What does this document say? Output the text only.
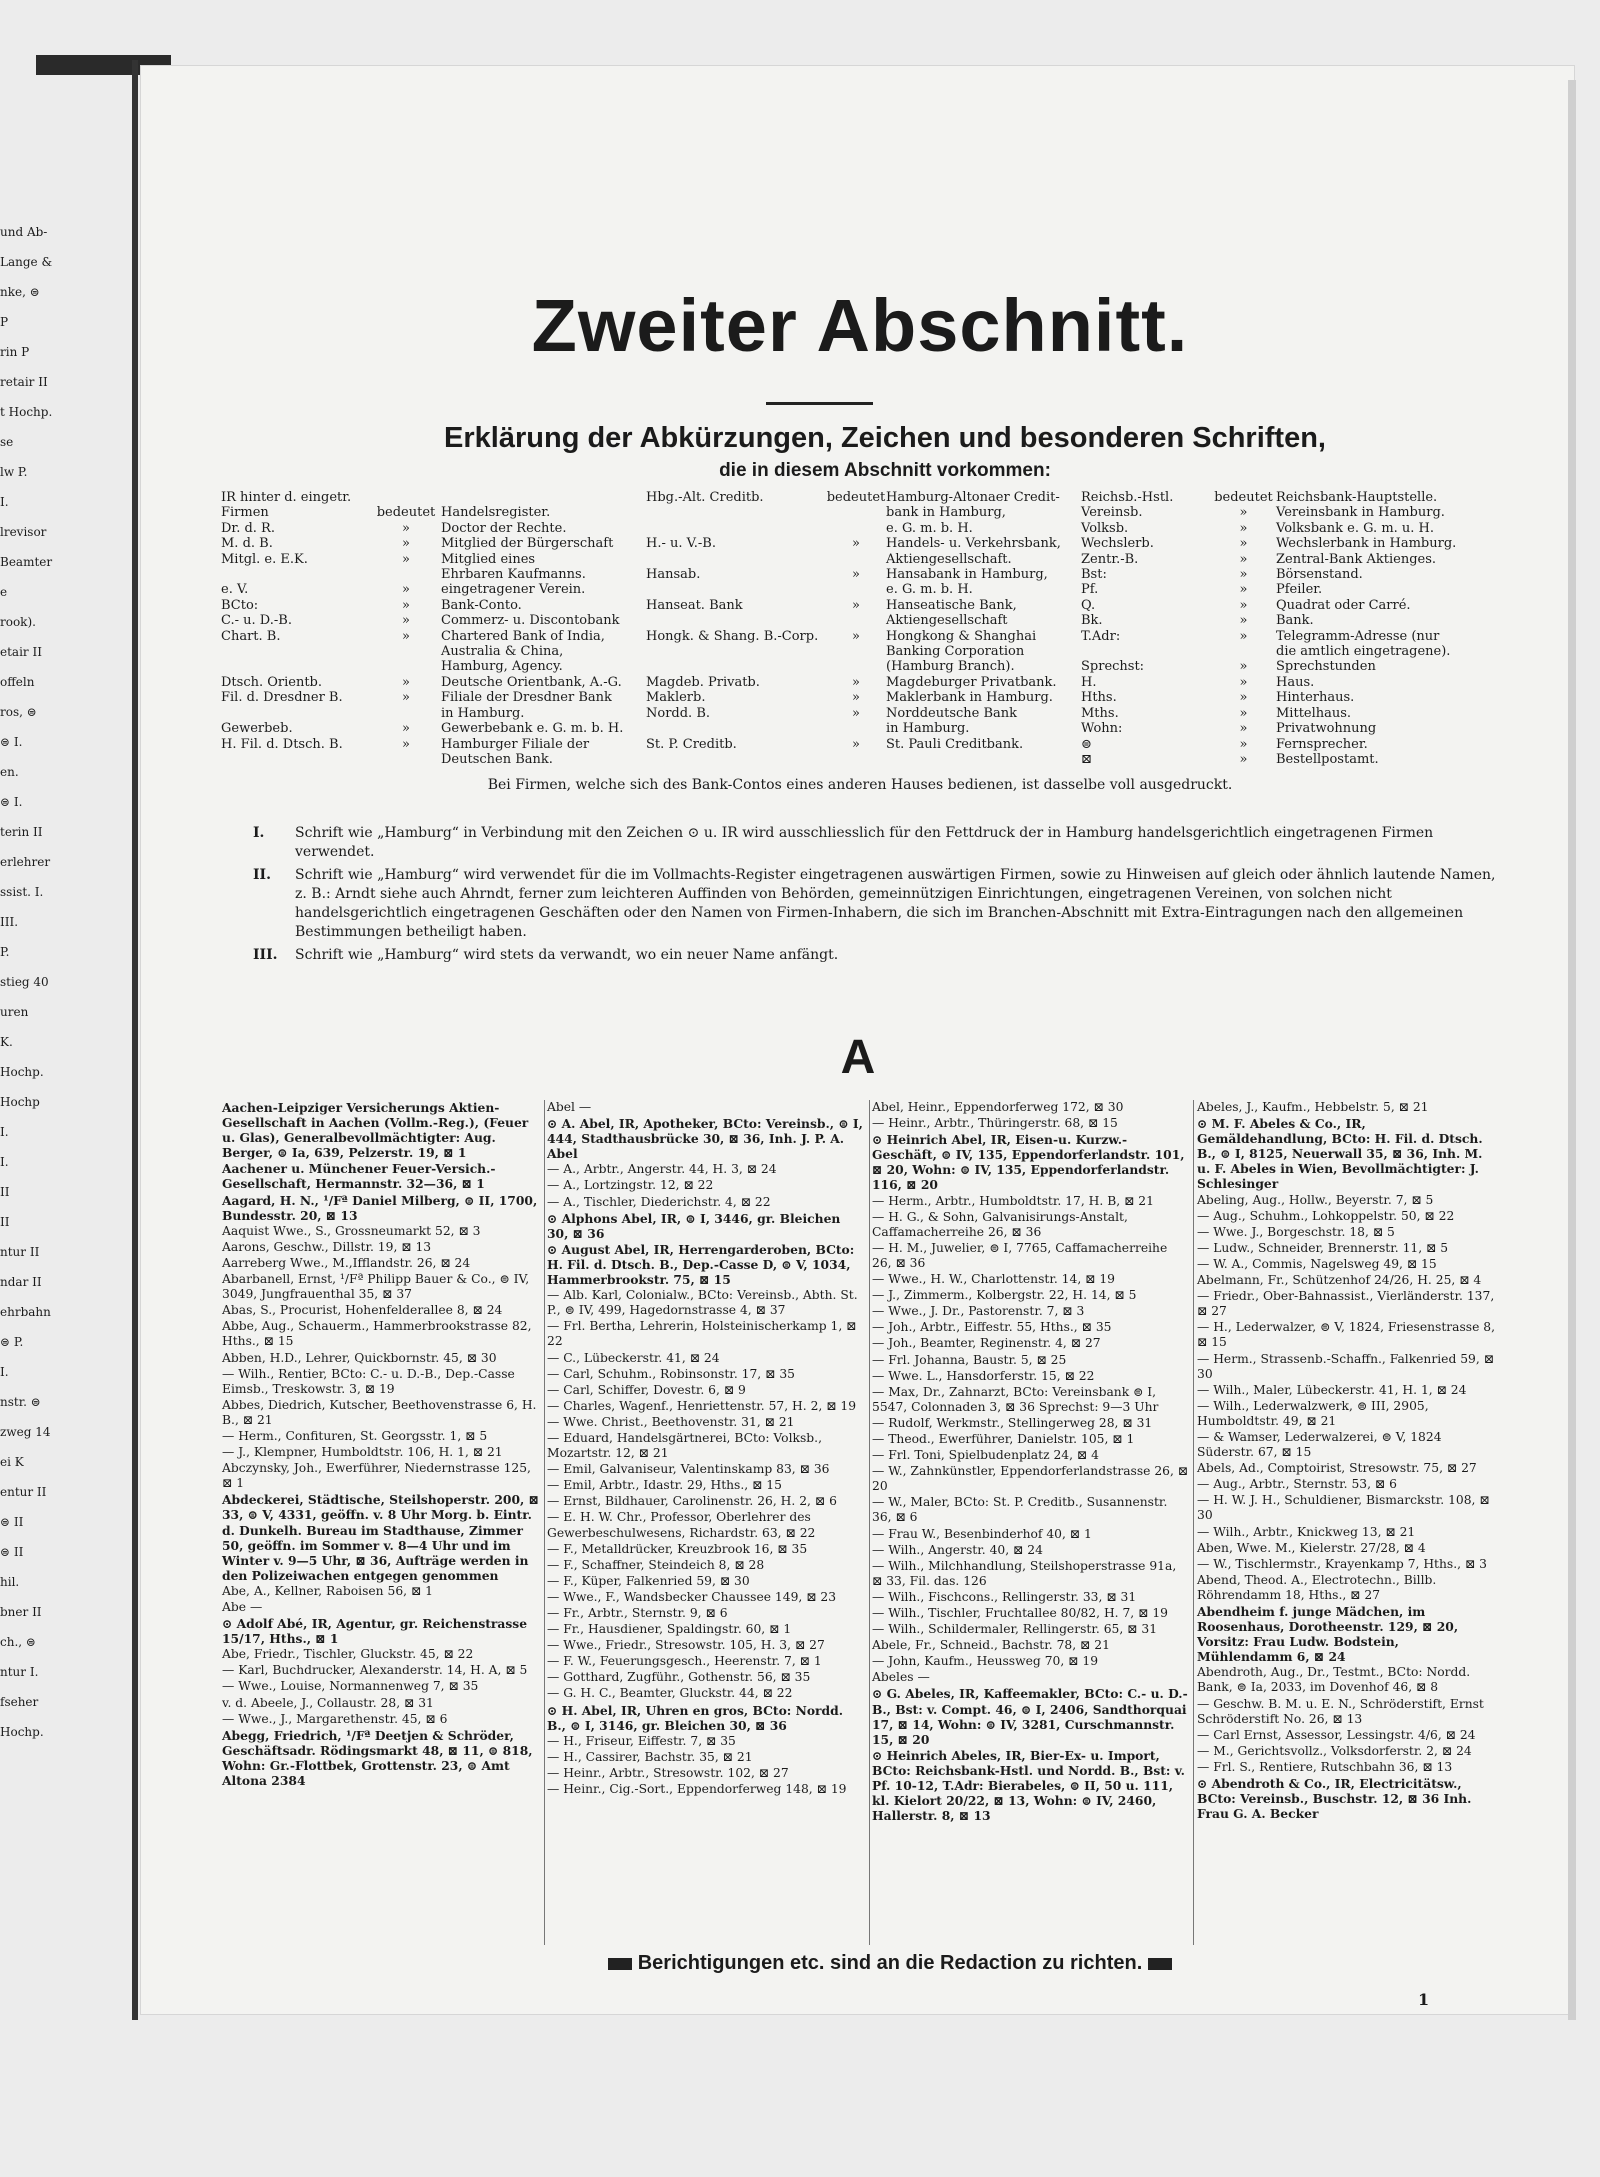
und Ab-
Lange &
nke, ⊜
P
rin P
retair II
t Hochp.
se
lw P.
I.
lrevisor
Beamter
e
rook).
etair II
offeln
ros, ⊜
⊜ I.
en.
⊜ I.
terin II
erlehrer
ssist. I.
III.
P.
stieg 40
uren
K.
Hochp.
Hochp
I.
I.
II
II
ntur II
ndar II
ehrbahn
⊜ P.
I.
nstr. ⊜
zweg 14
ei K
entur II
⊜ II
⊜ II
hil.
bner II
ch., ⊜
ntur I.
fseher
Hochp.
Zweiter Abschnitt.
Erklärung der Abkürzungen, Zeichen und besonderen Schriften,
die in diesem Abschnitt vorkommen:
IR hinter d. eingetr.
Firmen	bedeutet Handelsregister.
Dr. d. R.	»	Doctor der Rechte.
M. d. B.	»	Mitglied der Bürgerschaft
Mitgl. e. E.K.	»	Mitglied eines
Ehrbaren Kaufmanns.
e. V.	»	eingetragener Verein.
BCto:	»	Bank-Conto.
C.- u. D.-B.	»	Commerz- u. Discontobank
Chart. B.	»	Chartered Bank of India,
Australia & China,
Hamburg, Agency.
Dtsch. Orientb.	»	Deutsche Orientbank, A.-G.
Fil. d. Dresdner B.	»	Filiale der Dresdner Bank
in Hamburg.
Gewerbeb.	»	Gewerbebank e. G. m. b. H.
H. Fil. d. Dtsch. B.	»	Hamburger Filiale der
Deutschen Bank.
Hbg.-Alt. Creditb.	bedeutet Hamburg-Altonaer Credit-
bank in Hamburg,
e. G. m. b. H.
H.- u. V.-B.	»	Handels- u. Verkehrsbank,
Aktiengesellschaft.
Hansab.	»	Hansabank in Hamburg,
e. G. m. b. H.
Hanseat. Bank	»	Hanseatische Bank,
Aktiengesellschaft
Hongk. & Shang. B.-Corp.	»	Hongkong & Shanghai
Banking Corporation
(Hamburg Branch).
Magdeb. Privatb.	»	Magdeburger Privatbank.
Maklerb.	»	Maklerbank in Hamburg.
Nordd. B.	»	Norddeutsche Bank
in Hamburg.
St. P. Creditb.	»	St. Pauli Creditbank.
Reichsb.-Hstl.	bedeutet Reichsbank-Hauptstelle.
Vereinsb.	»	Vereinsbank in Hamburg.
Volksb.	»	Volksbank e. G. m. u. H.
Wechslerb.	»	Wechslerbank in Hamburg.
Zentr.-B.	»	Zentral-Bank Aktienges.
Bst:	»	Börsenstand.
Pf.	»	Pfeiler.
Q.	»	Quadrat oder Carré.
Bk.	»	Bank.
T.Adr:	»	Telegramm-Adresse (nur
die amtlich eingetragene).
Sprechst:	»	Sprechstunden
H.	»	Haus.
Hths.	»	Hinterhaus.
Mths.	»	Mittelhaus.
Wohn:	»	Privatwohnung
⊜	»	Fernsprecher.
⊠	»	Bestellpostamt.
Bei Firmen, welche sich des Bank-Contos eines anderen Hauses bedienen, ist dasselbe voll ausgedruckt.
I.	Schrift wie „Hamburg“ in Verbindung mit den Zeichen ⊙ u. IR wird ausschliesslich für den Fettdruck der in Hamburg handelsgerichtlich eingetragenen Firmen verwendet.
II.	Schrift wie „Hamburg“ wird verwendet für die im Vollmachts-Register eingetragenen auswärtigen Firmen, sowie zu Hinweisen auf gleich oder ähnlich lautende Namen, z. B.: Arndt siehe auch Ahrndt, ferner zum leichteren Auffinden von Behörden, gemeinnützigen Einrichtungen, eingetragenen Vereinen, von solchen nicht handelsgerichtlich eingetragenen Geschäften oder den Namen von Firmen-Inhabern, die sich im Branchen-Abschnitt mit Extra-Eintragungen nach den allgemeinen Bestimmungen betheiligt haben.
III.	Schrift wie „Hamburg“ wird stets da verwandt, wo ein neuer Name anfängt.
A
Aachen-Leipziger Versicherungs Aktien-Gesellschaft in Aachen (Vollm.-Reg.), (Feuer u. Glas), Generalbevollmächtigter: Aug. Berger, ⊜ Ia, 639, Pelzerstr. 19, ⊠ 1
Aachener u. Münchener Feuer-Versich.-Gesellschaft, Hermannstr. 32—36, ⊠ 1
Aagard, H. N., ¹/Fª Daniel Milberg, ⊜ II, 1700, Bundesstr. 20, ⊠ 13
Aaquist Wwe., S., Grossneumarkt 52, ⊠ 3
Aarons, Geschw., Dillstr. 19, ⊠ 13
Aarreberg Wwe., M.,Ifflandstr. 26, ⊠ 24
Abarbanell, Ernst, ¹/Fª Philipp Bauer & Co., ⊜ IV, 3049, Jungfrauenthal 35, ⊠ 37
Abas, S., Procurist, Hohenfelderallee 8, ⊠ 24
Abbe, Aug., Schauerm., Hammerbrookstrasse 82, Hths., ⊠ 15
Abben, H.D., Lehrer, Quickbornstr. 45, ⊠ 30
— Wilh., Rentier, BCto: C.- u. D.-B., Dep.-Casse Eimsb., Treskowstr. 3, ⊠ 19
Abbes, Diedrich, Kutscher, Beethovenstrasse 6, H. B., ⊠ 21
— Herm., Confituren, St. Georgsstr. 1, ⊠ 5
— J., Klempner, Humboldtstr. 106, H. 1, ⊠ 21
Abczynsky, Joh., Ewerführer, Niedernstrasse 125, ⊠ 1
Abdeckerei, Städtische, Steilshoperstr. 200, ⊠ 33, ⊜ V, 4331, geöffn. v. 8 Uhr Morg. b. Eintr. d. Dunkelh. Bureau im Stadthause, Zimmer 50, geöffn. im Sommer v. 8—4 Uhr und im Winter v. 9—5 Uhr, ⊠ 36, Aufträge werden in den Polizeiwachen entgegen genommen
Abe, A., Kellner, Raboisen 56, ⊠ 1
Abe —
⊙ Adolf Abé, IR, Agentur, gr. Reichenstrasse 15/17, Hths., ⊠ 1
Abe, Friedr., Tischler, Gluckstr. 45, ⊠ 22
— Karl, Buchdrucker, Alexanderstr. 14, H. A, ⊠ 5
— Wwe., Louise, Normannenweg 7, ⊠ 35
v. d. Abeele, J., Collaustr. 28, ⊠ 31
— Wwe., J., Margarethenstr. 45, ⊠ 6
Abegg, Friedrich, ¹/Fª Deetjen & Schröder, Geschäftsadr. Rödingsmarkt 48, ⊠ 11, ⊜ 818, Wohn: Gr.-Flottbek, Grottenstr. 23, ⊜ Amt Altona 2384
Abel —
⊙ A. Abel, IR, Apotheker, BCto: Vereinsb., ⊜ I, 444, Stadthausbrücke 30, ⊠ 36, Inh. J. P. A. Abel
— A., Arbtr., Angerstr. 44, H. 3, ⊠ 24
— A., Lortzingstr. 12, ⊠ 22
— A., Tischler, Diederichstr. 4, ⊠ 22
⊙ Alphons Abel, IR, ⊜ I, 3446, gr. Bleichen 30, ⊠ 36
⊙ August Abel, IR, Herrengarderoben, BCto: H. Fil. d. Dtsch. B., Dep.-Casse D, ⊜ V, 1034, Hammerbrookstr. 75, ⊠ 15
— Alb. Karl, Colonialw., BCto: Vereinsb., Abth. St. P., ⊜ IV, 499, Hagedornstrasse 4, ⊠ 37
— Frl. Bertha, Lehrerin, Holsteinischerkamp 1, ⊠ 22
— C., Lübeckerstr. 41, ⊠ 24
— Carl, Schuhm., Robinsonstr. 17, ⊠ 35
— Carl, Schiffer, Dovestr. 6, ⊠ 9
— Charles, Wagenf., Henriettenstr. 57, H. 2, ⊠ 19
— Wwe. Christ., Beethovenstr. 31, ⊠ 21
— Eduard, Handelsgärtnerei, BCto: Volksb., Mozartstr. 12, ⊠ 21
— Emil, Galvaniseur, Valentinskamp 83, ⊠ 36
— Emil, Arbtr., Idastr. 29, Hths., ⊠ 15
— Ernst, Bildhauer, Carolinenstr. 26, H. 2, ⊠ 6
— E. H. W. Chr., Professor, Oberlehrer des Gewerbeschulwesens, Richardstr. 63, ⊠ 22
— F., Metalldrücker, Kreuzbrook 16, ⊠ 35
— F., Schaffner, Steindeich 8, ⊠ 28
— F., Küper, Falkenried 59, ⊠ 30
— Wwe., F., Wandsbecker Chaussee 149, ⊠ 23
— Fr., Arbtr., Sternstr. 9, ⊠ 6
— Fr., Hausdiener, Spaldingstr. 60, ⊠ 1
— Wwe., Friedr., Stresowstr. 105, H. 3, ⊠ 27
— F. W., Feuerungsgesch., Heerenstr. 7, ⊠ 1
— Gotthard, Zugführ., Gothenstr. 56, ⊠ 35
— G. H. C., Beamter, Gluckstr. 44, ⊠ 22
⊙ H. Abel, IR, Uhren en gros, BCto: Nordd. B., ⊜ I, 3146, gr. Bleichen 30, ⊠ 36
— H., Friseur, Eiffestr. 7, ⊠ 35
— H., Cassirer, Bachstr. 35, ⊠ 21
— Heinr., Arbtr., Stresowstr. 102, ⊠ 27
— Heinr., Cig.-Sort., Eppendorferweg 148, ⊠ 19
Abel, Heinr., Eppendorferweg 172, ⊠ 30
— Heinr., Arbtr., Thüringerstr. 68, ⊠ 15
⊙ Heinrich Abel, IR, Eisen-u. Kurzw.-Geschäft, ⊜ IV, 135, Eppendorferlandstr. 101, ⊠ 20, Wohn: ⊜ IV, 135, Eppendorferlandstr. 116, ⊠ 20
— Herm., Arbtr., Humboldtstr. 17, H. B, ⊠ 21
— H. G., & Sohn, Galvanisirungs-Anstalt, Caffamacherreihe 26, ⊠ 36
— H. M., Juwelier, ⊜ I, 7765, Caffamacherreihe 26, ⊠ 36
— Wwe., H. W., Charlottenstr. 14, ⊠ 19
— J., Zimmerm., Kolbergstr. 22, H. 14, ⊠ 5
— Wwe., J. Dr., Pastorenstr. 7, ⊠ 3
— Joh., Arbtr., Eiffestr. 55, Hths., ⊠ 35
— Joh., Beamter, Reginenstr. 4, ⊠ 27
— Frl. Johanna, Baustr. 5, ⊠ 25
— Wwe. L., Hansdorferstr. 15, ⊠ 22
— Max, Dr., Zahnarzt, BCto: Vereinsbank ⊜ I, 5547, Colonnaden 3, ⊠ 36 Sprechst: 9—3 Uhr
— Rudolf, Werkmstr., Stellingerweg 28, ⊠ 31
— Theod., Ewerführer, Danielstr. 105, ⊠ 1
— Frl. Toni, Spielbudenplatz 24, ⊠ 4
— W., Zahnkünstler, Eppendorferlandstrasse 26, ⊠ 20
— W., Maler, BCto: St. P. Creditb., Susannenstr. 36, ⊠ 6
— Frau W., Besenbinderhof 40, ⊠ 1
— Wilh., Angerstr. 40, ⊠ 24
— Wilh., Milchhandlung, Steilshoperstrasse 91a, ⊠ 33, Fil. das. 126
— Wilh., Fischcons., Rellingerstr. 33, ⊠ 31
— Wilh., Tischler, Fruchtallee 80/82, H. 7, ⊠ 19
— Wilh., Schildermaler, Rellingerstr. 65, ⊠ 31
Abele, Fr., Schneid., Bachstr. 78, ⊠ 21
— John, Kaufm., Heussweg 70, ⊠ 19
Abeles —
⊙ G. Abeles, IR, Kaffeemakler, BCto: C.- u. D.-B., Bst: v. Compt. 46, ⊜ I, 2406, Sandthorquai 17, ⊠ 14, Wohn: ⊜ IV, 3281, Curschmannstr. 15, ⊠ 20
⊙ Heinrich Abeles, IR, Bier-Ex- u. Import, BCto: Reichsbank-Hstl. und Nordd. B., Bst: v. Pf. 10-12, T.Adr: Bierabeles, ⊜ II, 50 u. 111, kl. Kielort 20/22, ⊠ 13, Wohn: ⊜ IV, 2460, Hallerstr. 8, ⊠ 13
Abeles, J., Kaufm., Hebbelstr. 5, ⊠ 21
⊙ M. F. Abeles & Co., IR, Gemäldehandlung, BCto: H. Fil. d. Dtsch. B., ⊜ I, 8125, Neuerwall 35, ⊠ 36, Inh. M. u. F. Abeles in Wien, Bevollmächtigter: J. Schlesinger
Abeling, Aug., Hollw., Beyerstr. 7, ⊠ 5
— Aug., Schuhm., Lohkoppelstr. 50, ⊠ 22
— Wwe. J., Borgeschstr. 18, ⊠ 5
— Ludw., Schneider, Brennerstr. 11, ⊠ 5
— W. A., Commis, Nagelsweg 49, ⊠ 15
Abelmann, Fr., Schützenhof 24/26, H. 25, ⊠ 4
— Friedr., Ober-Bahnassist., Vierländerstr. 137, ⊠ 27
— H., Lederwalzer, ⊜ V, 1824, Friesenstrasse 8, ⊠ 15
— Herm., Strassenb.-Schaffn., Falkenried 59, ⊠ 30
— Wilh., Maler, Lübeckerstr. 41, H. 1, ⊠ 24
— Wilh., Lederwalzwerk, ⊜ III, 2905, Humboldtstr. 49, ⊠ 21
— & Wamser, Lederwalzerei, ⊜ V, 1824 Süderstr. 67, ⊠ 15
Abels, Ad., Comptoirist, Stresowstr. 75, ⊠ 27
— Aug., Arbtr., Sternstr. 53, ⊠ 6
— H. W. J. H., Schuldiener, Bismarckstr. 108, ⊠ 30
— Wilh., Arbtr., Knickweg 13, ⊠ 21
Aben, Wwe. M., Kielerstr. 27/28, ⊠ 4
— W., Tischlermstr., Krayenkamp 7, Hths., ⊠ 3
Abend, Theod. A., Electrotechn., Billb. Röhrendamm 18, Hths., ⊠ 27
Abendheim f. junge Mädchen, im Roosenhaus, Dorotheenstr. 129, ⊠ 20, Vorsitz: Frau Ludw. Bodstein, Mühlendamm 6, ⊠ 24
Abendroth, Aug., Dr., Testmt., BCto: Nordd. Bank, ⊜ Ia, 2033, im Dovenhof 46, ⊠ 8
— Geschw. B. M. u. E. N., Schröderstift, Ernst Schröderstift No. 26, ⊠ 13
— Carl Ernst, Assessor, Lessingstr. 4/6, ⊠ 24
— M., Gerichtsvollz., Volksdorferstr. 2, ⊠ 24
— Frl. S., Rentiere, Rutschbahn 36, ⊠ 13
⊙ Abendroth & Co., IR, Electricitätsw., BCto: Vereinsb., Buschstr. 12, ⊠ 36 Inh. Frau G. A. Becker
Berichtigungen etc. sind an die Redaction zu richten.
1
